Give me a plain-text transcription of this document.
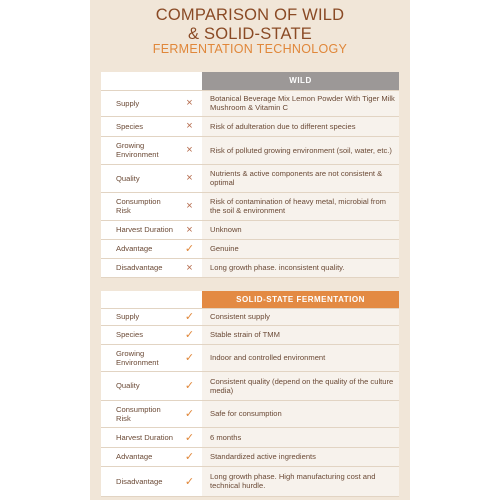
COMPARISON OF WILD
& SOLID-STATE
FERMENTATION TECHNOLOGY
		WILD
Supply	×	Botanical Beverage Mix Lemon Powder With Tiger Milk Mushroom & Vitamin C
Species	×	Risk of adulteration due to different species
Growing Environment	×	Risk of polluted growing environment (soil, water, etc.)
Quality	×	Nutrients & active components are not consistent & optimal
Consumption Risk	×	Risk of contamination of heavy metal, microbial from the soil & environment
Harvest Duration	×	Unknown
Advantage	✓	Genuine
Disadvantage	×	Long growth phase. inconsistent quality.
		SOLID-STATE FERMENTATION
Supply	✓	Consistent supply
Species	✓	Stable strain of TMM
Growing Environment	✓	Indoor and controlled environment
Quality	✓	Consistent quality (depend on the quality of the culture media)
Consumption Risk	✓	Safe for consumption
Harvest Duration	✓	6 months
Advantage	✓	Standardized active ingredients
Disadvantage	✓	Long growth phase. High manufacturing cost and technical hurdle.
